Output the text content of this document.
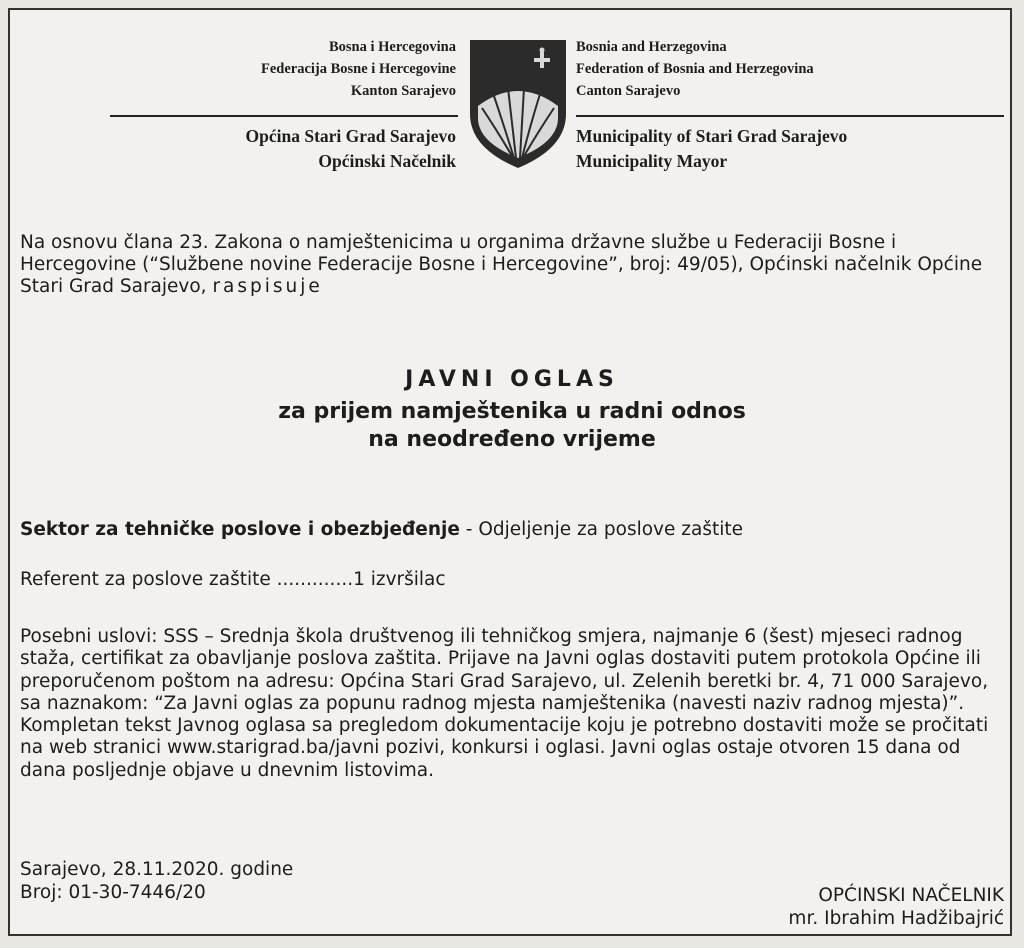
Bosna i Hercegovina
Federacija Bosne i Hercegovine
Kanton Sarajevo
Bosnia and Herzegovina
Federation of Bosnia and Herzegovina
Canton Sarajevo
Općina Stari Grad Sarajevo
Općinski Načelnik
Municipality of Stari Grad Sarajevo
Municipality Mayor
Na osnovu člana 23. Zakona o namještenicima u organima državne službe u Federaciji Bosne i Hercegovine (“Službene novine Federacije Bosne i Hercegovine”, broj: 49/05), Općinski načelnik Općine Stari Grad Sarajevo, raspisuje
JAVNI OGLAS
za prijem namještenika u radni odnos
na neodređeno vrijeme
Sektor za tehničke poslove i obezbjeđenje - Odjeljenje za poslove zaštite
Referent za poslove zaštite .............1 izvršilac
Posebni uslovi: SSS – Srednja škola društvenog ili tehničkog smjera, najmanje 6 (šest) mjeseci radnog staža, certifikat za obavljanje poslova zaštita. Prijave na Javni oglas dostaviti putem protokola Općine ili preporučenom poštom na adresu: Općina Stari Grad Sarajevo, ul. Zelenih beretki br. 4, 71 000 Sarajevo, sa naznakom: “Za Javni oglas za popunu radnog mjesta namještenika (navesti naziv radnog mjesta)”.
Kompletan tekst Javnog oglasa sa pregledom dokumentacije koju je potrebno dostaviti može se pročitati na web stranici www.starigrad.ba/javni pozivi, konkursi i oglasi. Javni oglas ostaje otvoren 15 dana od dana posljednje objave u dnevnim listovima.
Sarajevo, 28.11.2020. godine
Broj: 01-30-7446/20	OPĆINSKI NAČELNIK
mr. Ibrahim Hadžibajrić
